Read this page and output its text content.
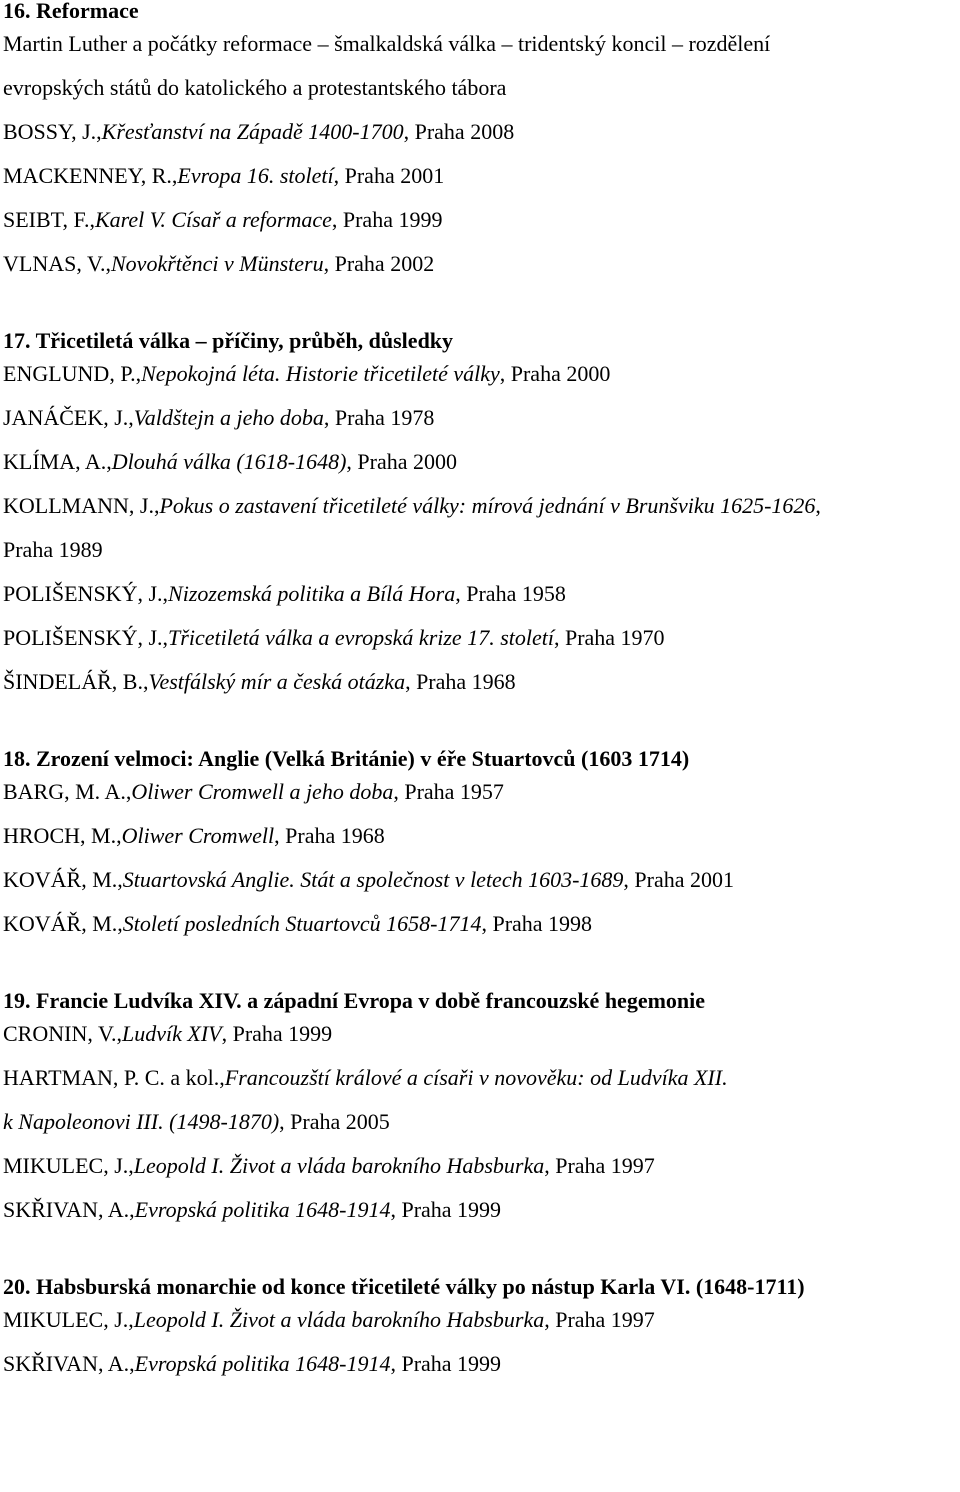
16. Reformace
Martin Luther a počátky reformace – šmalkaldská válka – tridentský koncil – rozdělení
evropských států do katolického a protestantského tábora
BOSSY, J.,Křesťanství na Západě 1400-1700, Praha 2008
MACKENNEY, R.,Evropa 16. století, Praha 2001
SEIBT, F.,Karel V. Císař a reformace, Praha 1999
VLNAS, V.,Novokřtěnci v Münsteru, Praha 2002
17. Třicetiletá válka – příčiny, průběh, důsledky
ENGLUND, P.,Nepokojná léta. Historie třicetileté války, Praha 2000
JANÁČEK, J.,Valdštejn a jeho doba, Praha 1978
KLÍMA, A.,Dlouhá válka (1618-1648), Praha 2000
KOLLMANN, J.,Pokus o zastavení třicetileté války: mírová jednání v Brunšviku 1625-1626,
Praha 1989
POLIŠENSKÝ, J.,Nizozemská politika a Bílá Hora, Praha 1958
POLIŠENSKÝ, J.,Třicetiletá válka a evropská krize 17. století, Praha 1970
ŠINDELÁŘ, B.,Vestfálský mír a česká otázka, Praha 1968
18. Zrození velmoci: Anglie (Velká Británie) v éře Stuartovců (1603 1714)
BARG, M. A.,Oliwer Cromwell a jeho doba, Praha 1957
HROCH, M.,Oliwer Cromwell, Praha 1968
KOVÁŘ, M.,Stuartovská Anglie. Stát a společnost v letech 1603-1689, Praha 2001
KOVÁŘ, M.,Století posledních Stuartovců 1658-1714, Praha 1998
19. Francie Ludvíka XIV. a západní Evropa v době francouzské hegemonie
CRONIN, V.,Ludvík XIV, Praha 1999
HARTMAN, P. C. a kol.,Francouzští králové a císaři v novověku: od Ludvíka XII.
k Napoleonovi III. (1498-1870), Praha 2005
MIKULEC, J.,Leopold I. Život a vláda barokního Habsburka, Praha 1997
SKŘIVAN, A.,Evropská politika 1648-1914, Praha 1999
20. Habsburská monarchie od konce třicetileté války po nástup Karla VI. (1648-1711)
MIKULEC, J.,Leopold I. Život a vláda barokního Habsburka, Praha 1997
SKŘIVAN, A.,Evropská politika 1648-1914, Praha 1999
